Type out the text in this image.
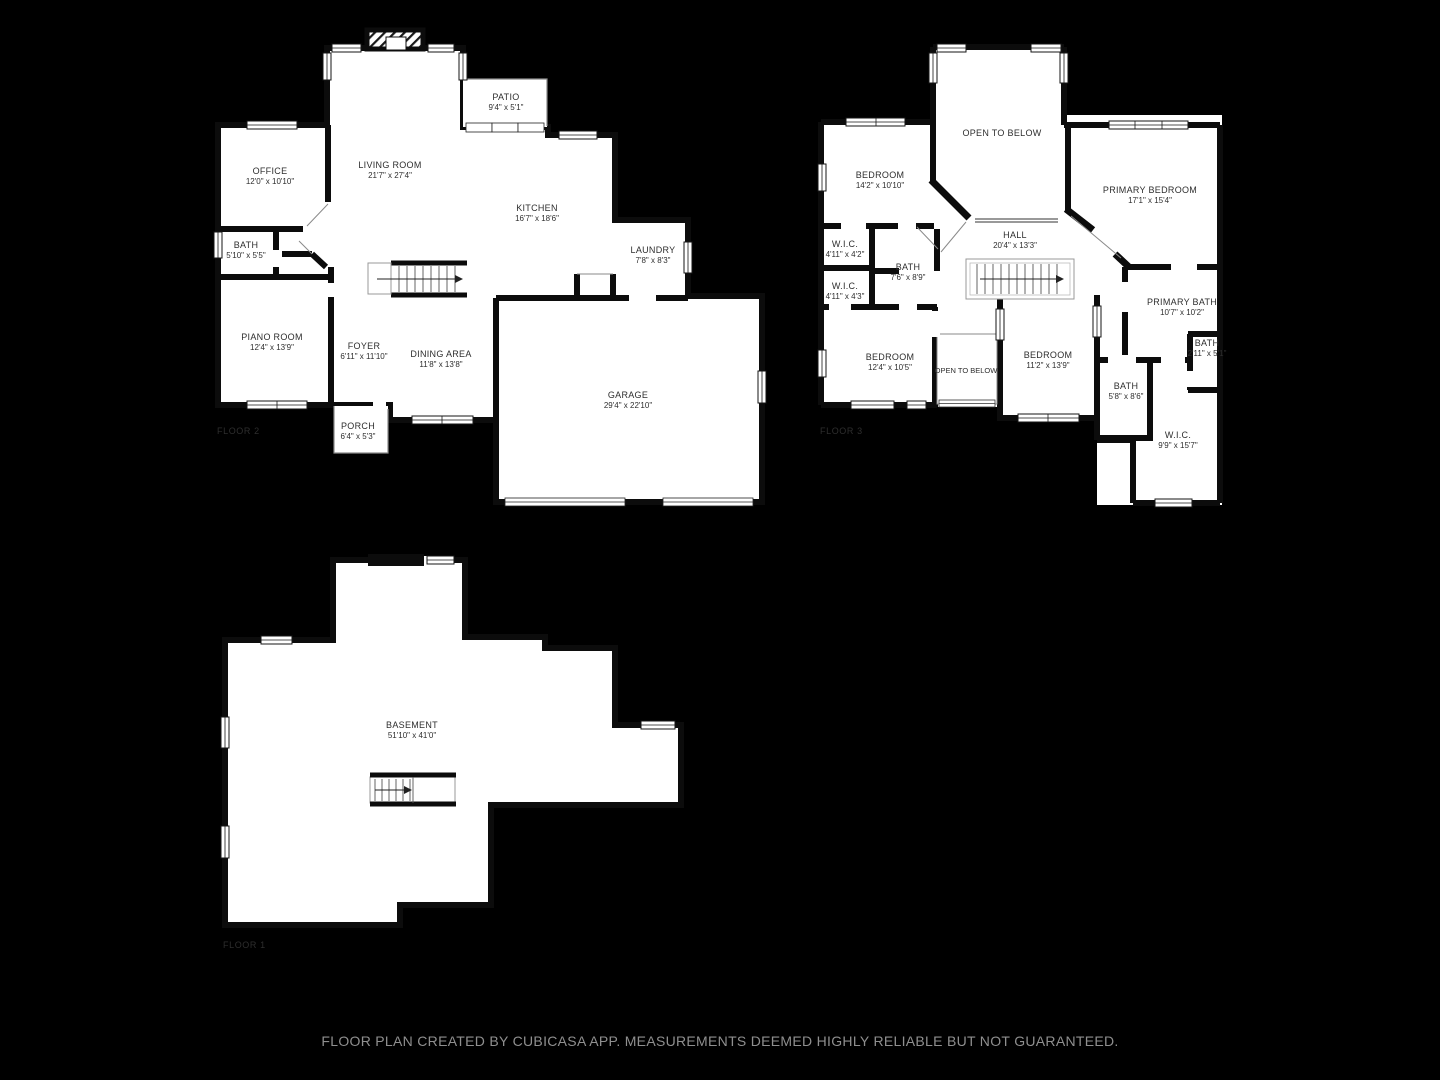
PATIO
9'4" x 5'1"
OFFICE
12'0" x 10'10"
LIVING ROOM
21'7" x 27'4"
KITCHEN
16'7" x 18'6"
BATH
5'10" x 5'5"
LAUNDRY
7'8" x 8'3"
PIANO ROOM
12'4" x 13'9"	FOYER
6'11" x 11'10"	DINING AREA
11'8" x 13'8"
PORCH
6'4" x 5'3"
GARAGE
29'4" x 22'10"
OPEN TO BELOW
BEDROOM
14'2" x 10'10"	PRIMARY BEDROOM
17'1" x 15'4"
W.I.C.
4'11" x 4'2"
BATH
7'6" x 8'9"
HALL
20'4" x 13'3"
W.I.C.
4'11" x 4'3"
PRIMARY BATH
10'7" x 10'2"
BATH
2'11" x 5'1"
BEDROOM
12'4" x 10'5"	OPEN TO BELOW
BEDROOM
11'2" x 13'9"
BATH
5'8" x 8'6"
W.I.C.
9'9" x 15'7"
BASEMENT
51'10" x 41'0"
FLOOR 2	FLOOR 3
FLOOR 1
FLOOR PLAN CREATED BY CUBICASA APP. MEASUREMENTS DEEMED HIGHLY RELIABLE BUT NOT GUARANTEED.
